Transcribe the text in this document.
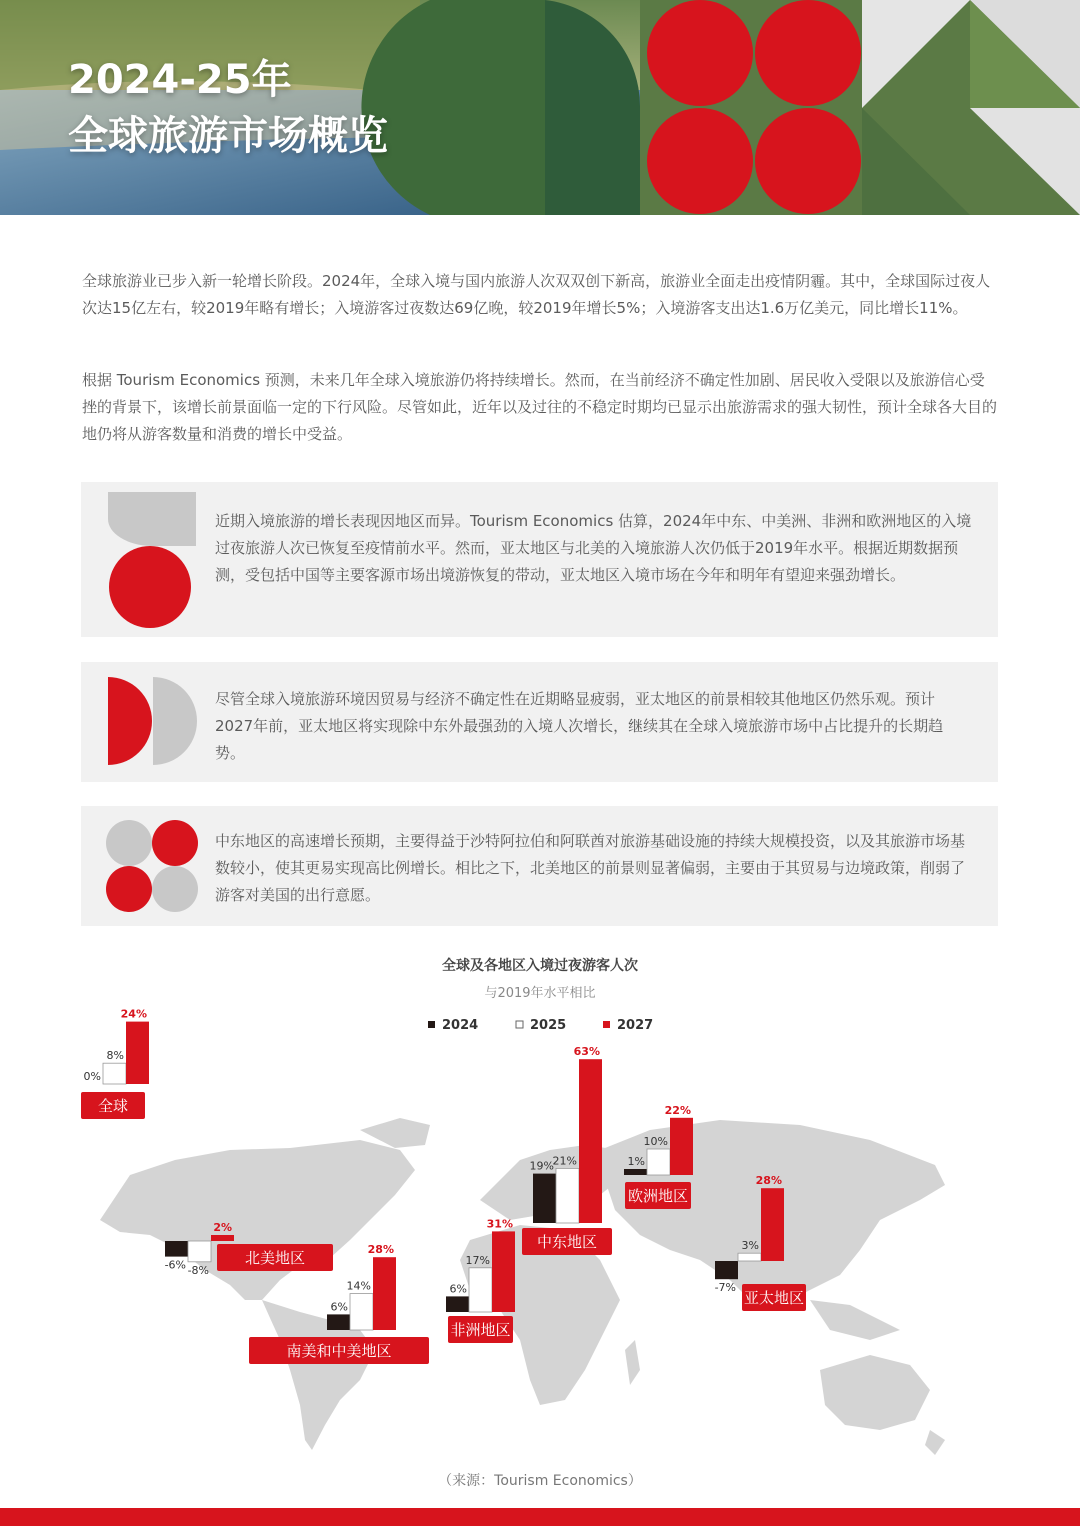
2024-25年
全球旅游市场概览

全球旅游业已步入新一轮增长阶段。2024年，全球入境与国内旅游人次双双创下新高，旅游业全面走出疫情阴霾。其中，全球国际过夜人次达15亿左右，较2019年略有增长；入境游客过夜数达69亿晚，较2019年增长5%；入境游客支出达1.6万亿美元，同比增长11%。

根据 Tourism Economics 预测，未来几年全球入境旅游仍将持续增长。然而，在当前经济不确定性加剧、居民收入受限以及旅游信心受挫的背景下，该增长前景面临一定的下行风险。尽管如此，近年以及过往的不稳定时期均已显示出旅游需求的强大韧性，预计全球各大目的地仍将从游客数量和消费的增长中受益。

近期入境旅游的增长表现因地区而异。Tourism Economics 估算，2024年中东、中美洲、非洲和欧洲地区的入境过夜旅游人次已恢复至疫情前水平。然而，亚太地区与北美的入境旅游人次仍低于2019年水平。根据近期数据预测，受包括中国等主要客源市场出境游恢复的带动，亚太地区入境市场在今年和明年有望迎来强劲增长。

尽管全球入境旅游环境因贸易与经济不确定性在近期略显疲弱，亚太地区的前景相较其他地区仍然乐观。预计2027年前，亚太地区将实现除中东外最强劲的入境人次增长，继续其在全球入境旅游市场中占比提升的长期趋势。

中东地区的高速增长预期，主要得益于沙特阿拉伯和阿联酋对旅游基础设施的持续大规模投资，以及其旅游市场基数较小，使其更易实现高比例增长。相比之下，北美地区的前景则显著偏弱，主要由于其贸易与边境政策，削弱了游客对美国的出行意愿。

全球及各地区入境过夜游客人次
与2019年水平相比
0%
8%
24%
-6% -8%
2%
6%
14%
28%
6%
17%
31%
19%
21%
63%
1%
10%
22%
-7%
3%
28%
全球
北美地区
南美和中美地区
非洲地区
中东地区
欧洲地区
亚太地区
2024	2025	2027
（来源：Tourism Economics）
